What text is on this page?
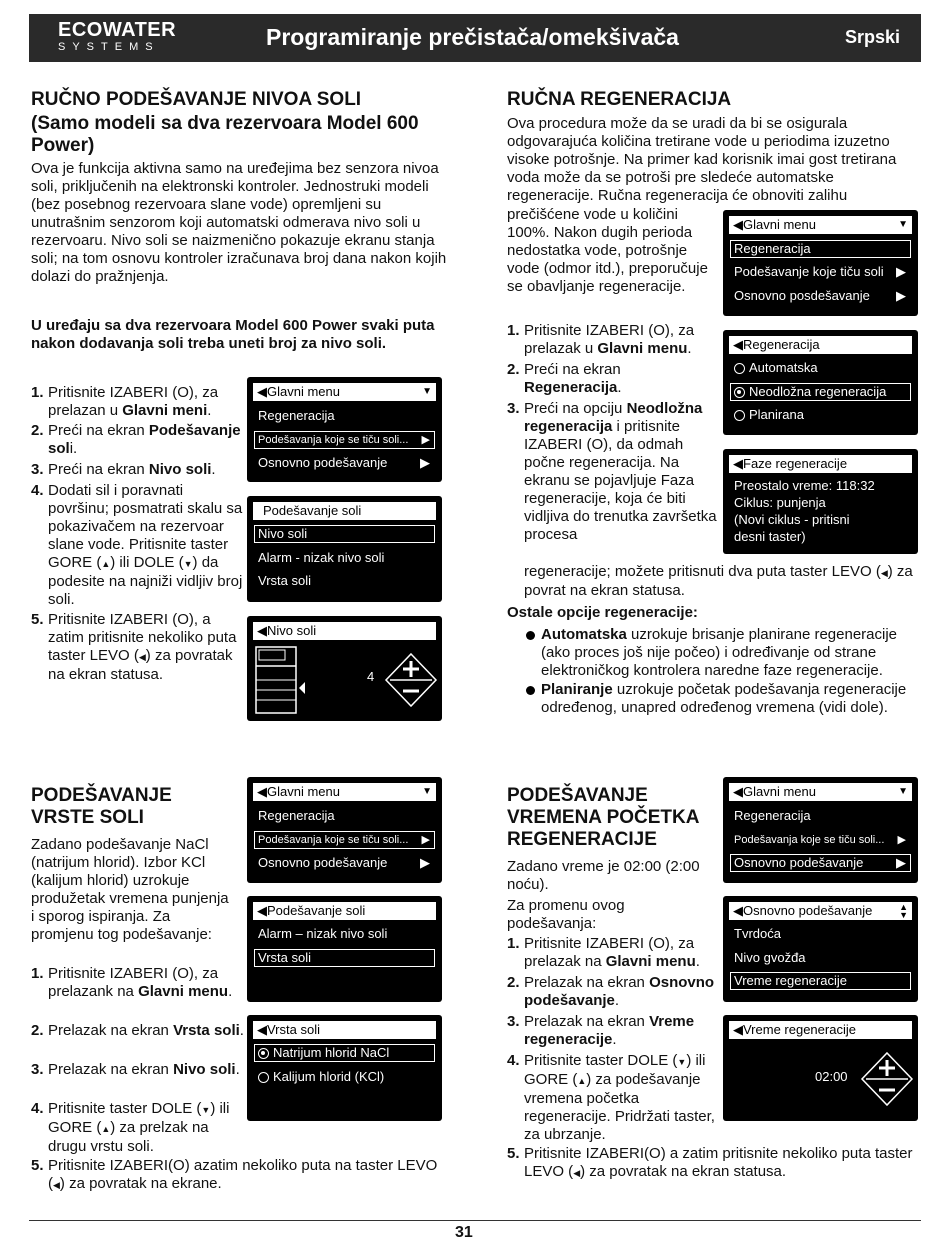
ECOWATER
SYSTEMS	Programiranje prečistača/omekšivača	Srpski
RUČNO PODEŠAVANJE NIVOA SOLI
(Samo modeli sa dva rezervoara Model 600 Power)
Ova je funkcija aktivna samo na uređejima bez senzora nivoa soli, priključenih na elektronski kontroler. Jednostruki modeli (bez posebnog rezervoara slane vode) opremljeni su unutrašnim senzorom koji automatski odmerava nivo soli u rezervoaru. Nivo soli se naizmenično pokazuje ekranu stanja soli; na tom osnovu kontroler izračunava broj dana nakon kojih dolazi do pražnjenja.
U uređaju sa dva rezervoara Model 600 Power svaki puta nakon dodavanja soli treba uneti broj za nivo soli.
1. Pritisnite IZABERI (O), za prelazan u Glavni meni.
2. Preći na ekran Podešavanje soli.
3. Preći na ekran Nivo soli.
4. Dodati sil i poravnati površinu; posmatrati skalu sa pokazivačem na rezervoar slane vode. Pritisnite taster GORE (▲) ili DOLE (▼) da podesite na najniži vidljiv broj soli.
5. Pritisnite IZABERI (O), a zatim pritisnite nekoliko puta taster LEVO (◀) za povratak na ekran statusa.
◀Glavni menu	▼
Regeneracija
Podešavanja koje se tiču soli... ▶
Osnovno podešavanje	▶
Podešavanje soli
Nivo soli
Alarm - nizak nivo soli
Vrsta soli
◀Nivo soli
4
RUČNA REGENERACIJA
Ova procedura može da se uradi da bi se osigurala odgovarajuća količina tretirane vode u periodima izuzetno visoke potrošnje. Na primer kad korisnik imai gost tretirana voda može da se potroši pre sledeće automatske regeneracije. Ručna regeneracija će obnoviti zalihu
prečišćene vode u količini 100%. Nakon dugih perioda nedostatka vode, potrošnje vode (odmor itd.), preporučuje se obavljanje regeneracije.
1. Pritisnite IZABERI (O), za prelazak u Glavni menu.
2. Preći na ekran Regeneracija.
3. Preći na opciju Neodložna regeneracija i pritisnite IZABERI (O), da odmah počne regeneracija. Na ekranu se pojavljuje Faza regeneracije, koja će biti vidljiva do trenutka završetka procesa
regeneracije; možete pritisnuti dva puta taster LEVO (◀) za povrat na ekran statusa.
Ostale opcije regeneracije:
Automatska uzrokuje brisanje planirane regeneracije (ako proces još nije počeo) i određivanje od strane elektroničkog kontrolera naredne faze regeneracije.
Planiranje uzrokuje početak podešavanja regeneracije određenog, unapred određenog vremena (vidi dole).
◀Glavni menu	▼
Regeneracija
Podešavanje koje tiču soli ▶
Osnovno posdešavanje ▶
◀Regeneracija
Automatska
Neodložna regeneracija
Planirana
◀Faze regeneracije
Preostalo vreme: 118:32
Ciklus: punjenja
(Novi ciklus - pritisni
desni taster)
PODEŠAVANJE VRSTE SOLI
Zadano podešavanje NaCl (natrijum hlorid). Izbor KCl (kalijum hlorid) uzrokuje produžetak vremena punjenja i sporog ispiranja. Za promjenu tog podešavanje:
1. Pritisnite IZABERI (O), za prelazank na Glavni menu.
2. Prelazak na ekran Vrsta soli.
3. Prelazak na ekran Nivo soli.
4. Pritisnite taster DOLE (▼) ili GORE (▲) za prelzak na drugu vrstu soli.
5. Pritisnite IZABERI(O) azatim nekoliko puta na taster LEVO (◀) za povratak na ekrane.
◀Glavni menu	▼
Regeneracija
Podešavanja koje se tiču soli... ▶
Osnovno podešavanje	▶
◀Podešavanje soli
Alarm – nizak nivo soli
Vrsta soli
◀Vrsta soli
Natrijum hlorid NaCl
Kalijum hlorid (KCl)
PODEŠAVANJE VREMENA POČETKA REGENERACIJE
Zadano vreme je 02:00 (2:00 noću).
Za promenu ovog podešavanja:
1. Pritisnite IZABERI (O), za prelazak na Glavni menu.
2. Prelazak na ekran Osnovno podešavanje.
3. Prelazak na ekran Vreme regeneracije.
4. Pritisnite taster DOLE (▼) ili GORE (▲) za podešavanje vremena početka regeneracije. Pridržati taster, za ubrzanje.
5. Pritisnite IZABERI(O) a zatim pritisnite nekoliko puta taster LEVO (◀) za povratak na ekran statusa.
◀Glavni menu	▼
Regeneracija
Podešavanja koje se tiču soli... ▶
Osnovno podešavanje	▶
◀Osnovno podešavanje	▲
▼
Tvrdoća
Nivo gvožđa
Vreme regeneracije
◀Vreme regeneracije
02:00
31
